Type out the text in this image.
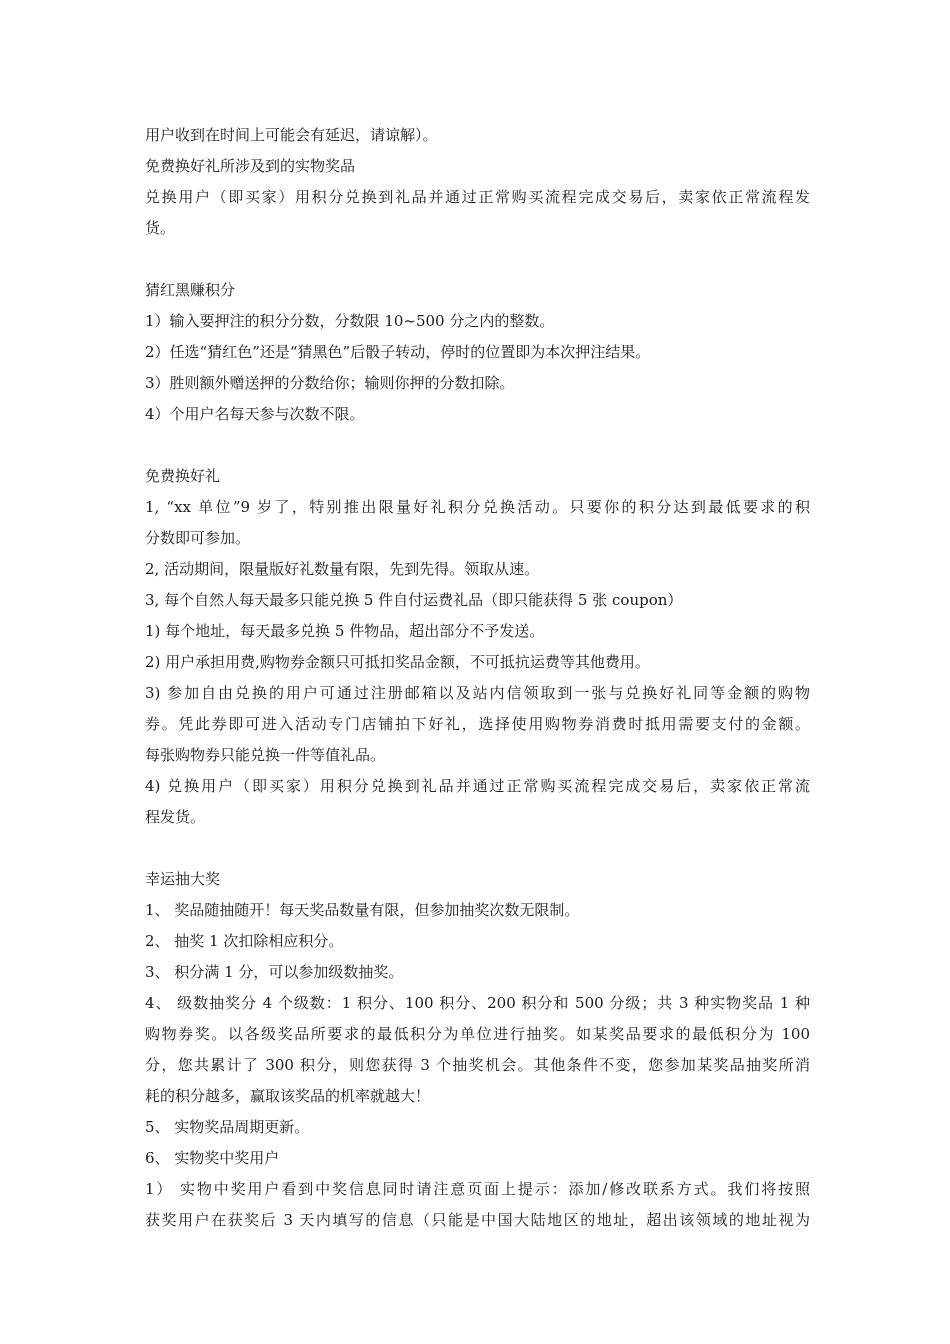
用户收到在时间上可能会有延迟，请谅解）。
免费换好礼所涉及到的实物奖品
兑换用户（即买家）用积分兑换到礼品并通过正常购买流程完成交易后，卖家依正常流程发
货。
猜红黑赚积分
1）输入要押注的积分分数，分数限 10~500 分之内的整数。
2）任选“猜红色”还是“猜黑色”后骰子转动，停时的位置即为本次押注结果。
3）胜则额外赠送押的分数给你；输则你押的分数扣除。
4）个用户名每天参与次数不限。
免费换好礼
1, “xx 单位”9 岁了，特别推出限量好礼积分兑换活动。只要你的积分达到最低要求的积
分数即可参加。
2, 活动期间，限量版好礼数量有限，先到先得。领取从速。
3, 每个自然人每天最多只能兑换 5 件自付运费礼品（即只能获得 5 张 coupon）
1) 每个地址，每天最多兑换 5 件物品，超出部分不予发送。
2) 用户承担用费,购物券金额只可抵扣奖品金额，不可抵抗运费等其他费用。
3) 参加自由兑换的用户可通过注册邮箱以及站内信领取到一张与兑换好礼同等金额的购物
券。凭此券即可进入活动专门店铺拍下好礼，选择使用购物券消费时抵用需要支付的金额。
每张购物券只能兑换一件等值礼品。
4) 兑换用户（即买家）用积分兑换到礼品并通过正常购买流程完成交易后，卖家依正常流
程发货。
幸运抽大奖
1、 奖品随抽随开！每天奖品数量有限，但参加抽奖次数无限制。
2、 抽奖 1 次扣除相应积分。
3、 积分满 1 分，可以参加级数抽奖。
4、 级数抽奖分 4 个级数：1 积分、100 积分、200 积分和 500 分级；共 3 种实物奖品 1 种
购物券奖。以各级奖品所要求的最低积分为单位进行抽奖。如某奖品要求的最低积分为 100
分，您共累计了 300 积分，则您获得 3 个抽奖机会。其他条件不变，您参加某奖品抽奖所消
耗的积分越多，赢取该奖品的机率就越大！
5、 实物奖品周期更新。
6、 实物奖中奖用户
1） 实物中奖用户看到中奖信息同时请注意页面上提示：添加/修改联系方式。我们将按照
获奖用户在获奖后 3 天内填写的信息（只能是中国大陆地区的地址，超出该领域的地址视为
